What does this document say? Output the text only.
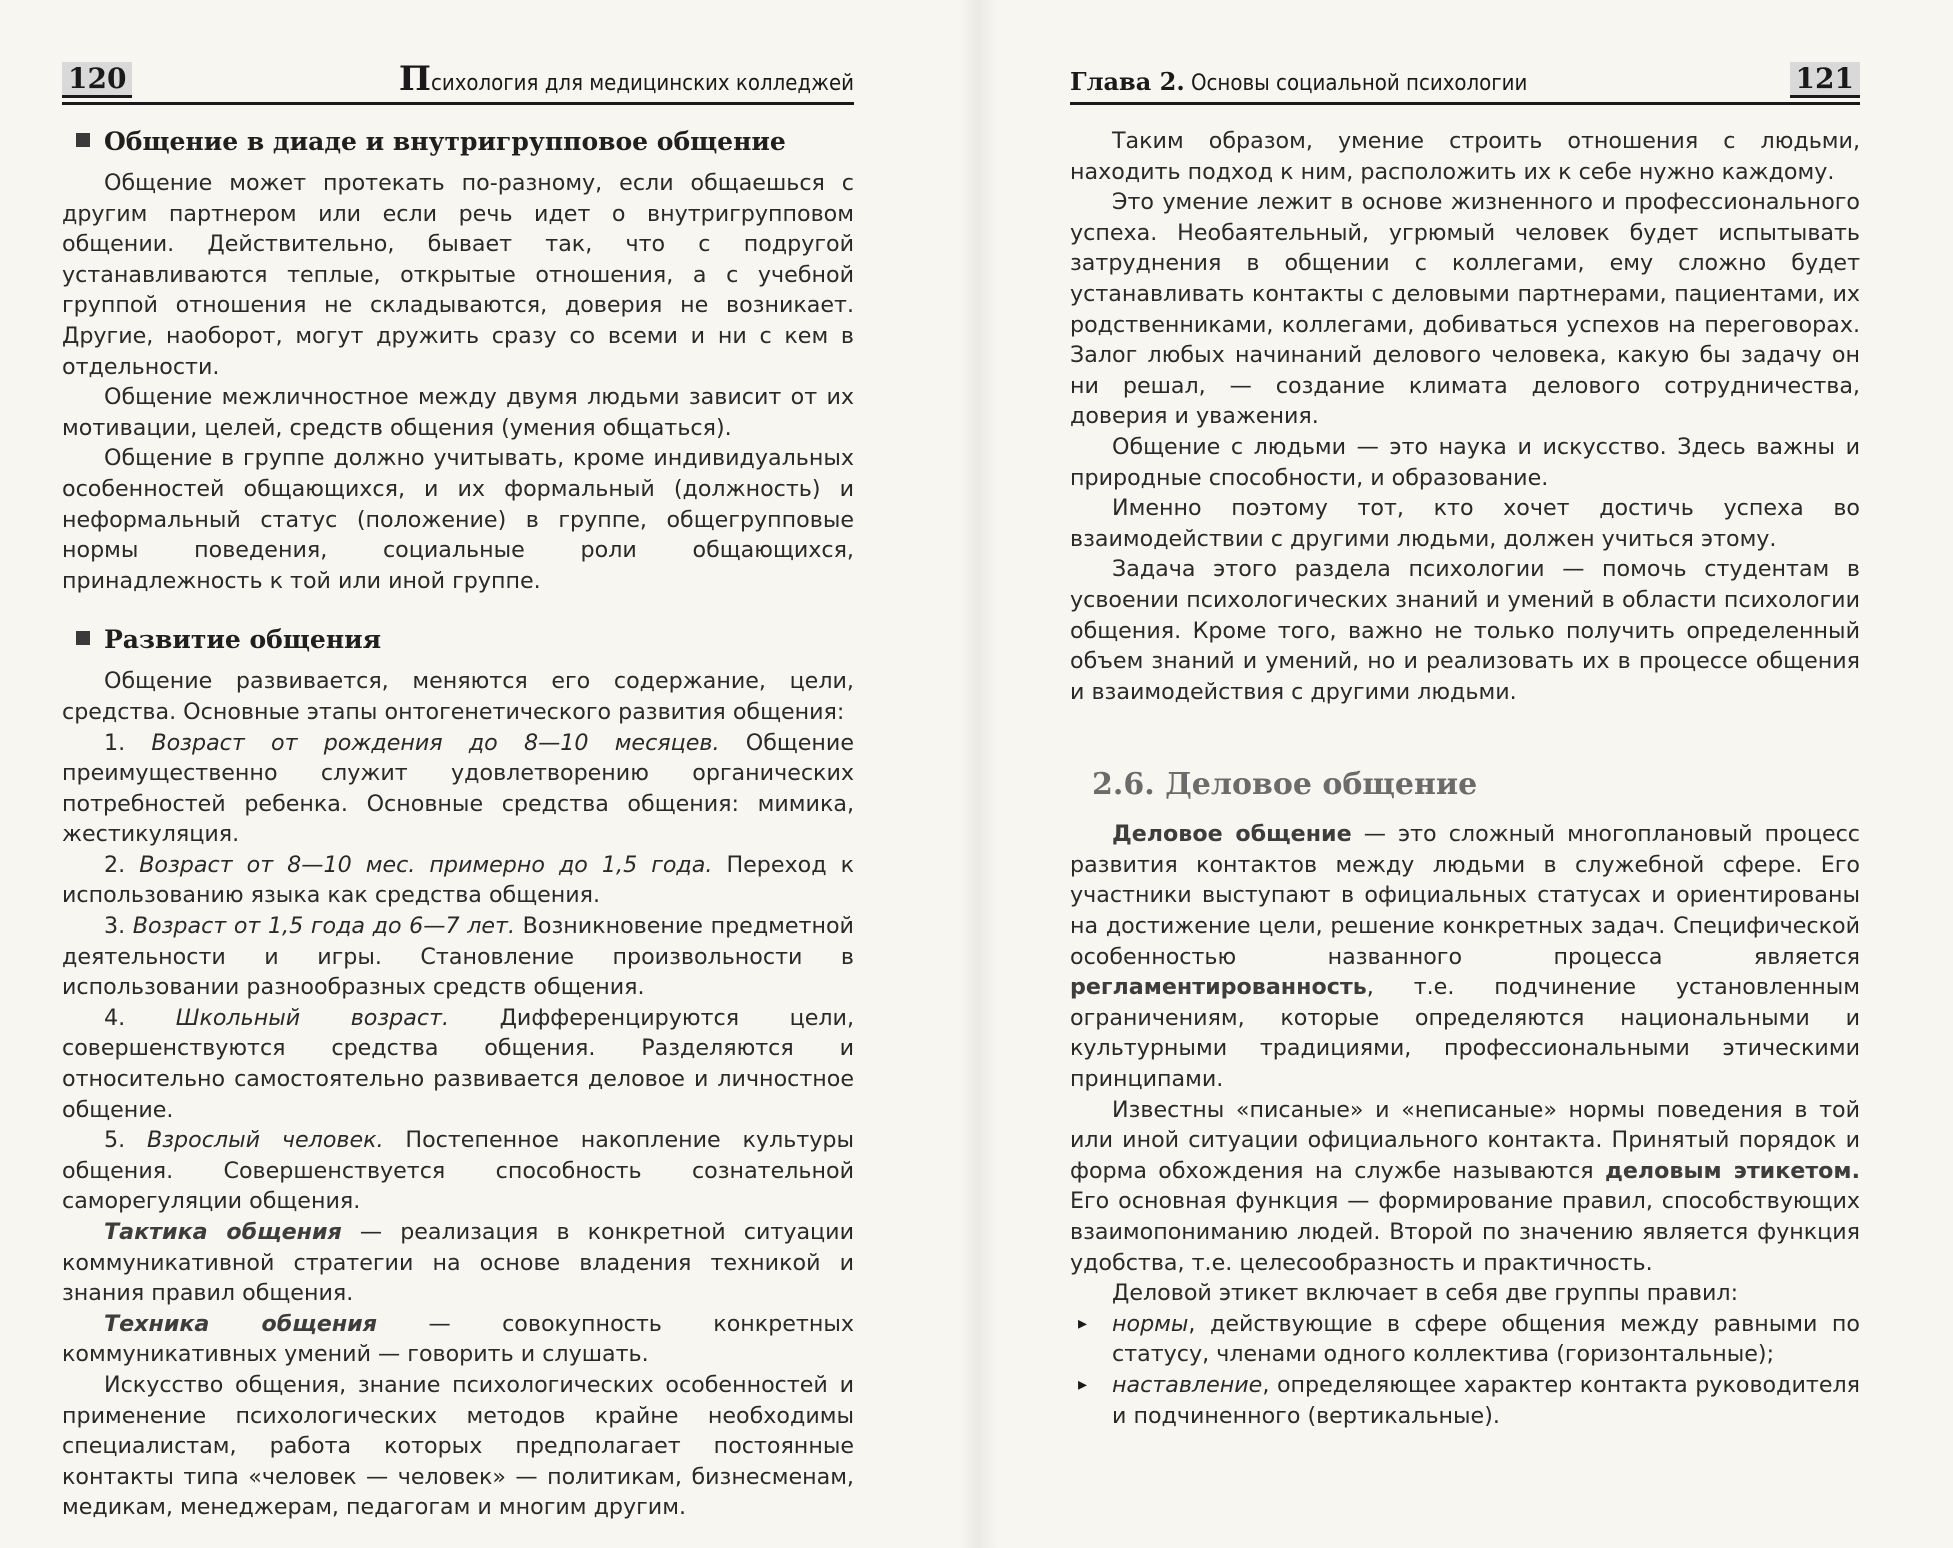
120	Психология для медицинских колледжей
Общение в диаде и внутригрупповое общение

Общение может протекать по-разному, если общаешься с другим партнером или если речь идет о внутригрупповом общении. Действительно, бывает так, что с подругой устанавливаются теплые, открытые отношения, а с учебной группой отношения не складываются, доверия не возникает. Другие, наоборот, могут дружить сразу со всеми и ни с кем в отдельности.

Общение межличностное между двумя людьми зависит от их мотивации, целей, средств общения (умения общаться).

Общение в группе должно учитывать, кроме индивидуальных особенностей общающихся, и их формальный (должность) и неформальный статус (положение) в группе, общегрупповые нормы поведения, социальные роли общающихся, принадлежность к той или иной группе.

Развитие общения

Общение развивается, меняются его содержание, цели, средства. Основные этапы онтогенетического развития общения:

1. Возраст от рождения до 8—10 месяцев. Общение преимущественно служит удовлетворению органических потребностей ребенка. Основные средства общения: мимика, жестикуляция.

2. Возраст от 8—10 мес. примерно до 1,5 года. Переход к использованию языка как средства общения.

3. Возраст от 1,5 года до 6—7 лет. Возникновение предметной деятельности и игры. Становление произвольности в использовании разнообразных средств общения.

4. Школьный возраст. Дифференцируются цели, совершенствуются средства общения. Разделяются и относительно самостоятельно развивается деловое и личностное общение.

5. Взрослый человек. Постепенное накопление культуры общения. Совершенствуется способность сознательной саморегуляции общения.

Тактика общения — реализация в конкретной ситуации коммуникативной стратегии на основе владения техникой и знания правил общения.

Техника общения — совокупность конкретных коммуникативных умений — говорить и слушать.

Искусство общения, знание психологических особенностей и применение психологических методов крайне необходимы специалистам, работа которых предполагает постоянные контакты типа «человек — человек» — политикам, бизнесменам, медикам, менеджерам, педагогам и многим другим.

Глава 2. Основы социальной психологии	121

Таким образом, умение строить отношения с людьми, находить подход к ним, расположить их к себе нужно каждому.

Это умение лежит в основе жизненного и профессионального успеха. Необаятельный, угрюмый человек будет испытывать затруднения в общении с коллегами, ему сложно будет устанавливать контакты с деловыми партнерами, пациентами, их родственниками, коллегами, добиваться успехов на переговорах. Залог любых начинаний делового человека, какую бы задачу он ни решал, — создание климата делового сотрудничества, доверия и уважения.

Общение с людьми — это наука и искусство. Здесь важны и природные способности, и образование.

Именно поэтому тот, кто хочет достичь успеха во взаимодействии с другими людьми, должен учиться этому.

Задача этого раздела психологии — помочь студентам в усвоении психологических знаний и умений в области психологии общения. Кроме того, важно не только получить определенный объем знаний и умений, но и реализовать их в процессе общения и взаимодействия с другими людьми.

2.6. Деловое общение

Деловое общение — это сложный многоплановый процесс развития контактов между людьми в служебной сфере. Его участники выступают в официальных статусах и ориентированы на достижение цели, решение конкретных задач. Специфической особенностью названного процесса является регламентированность, т.е. подчинение установленным ограничениям, которые определяются национальными и культурными традициями, профессиональными этическими принципами.

Известны «писаные» и «неписаные» нормы поведения в той или иной ситуации официального контакта. Принятый порядок и форма обхождения на службе называются деловым этикетом. Его основная функция — формирование правил, способствующих взаимопониманию людей. Второй по значению является функция удобства, т.е. целесообразность и практичность.

Деловой этикет включает в себя две группы правил:

▸ нормы, действующие в сфере общения между равными по статусу, членами одного коллектива (горизонтальные);
▸ наставление, определяющее характер контакта руководителя и подчиненного (вертикальные).
